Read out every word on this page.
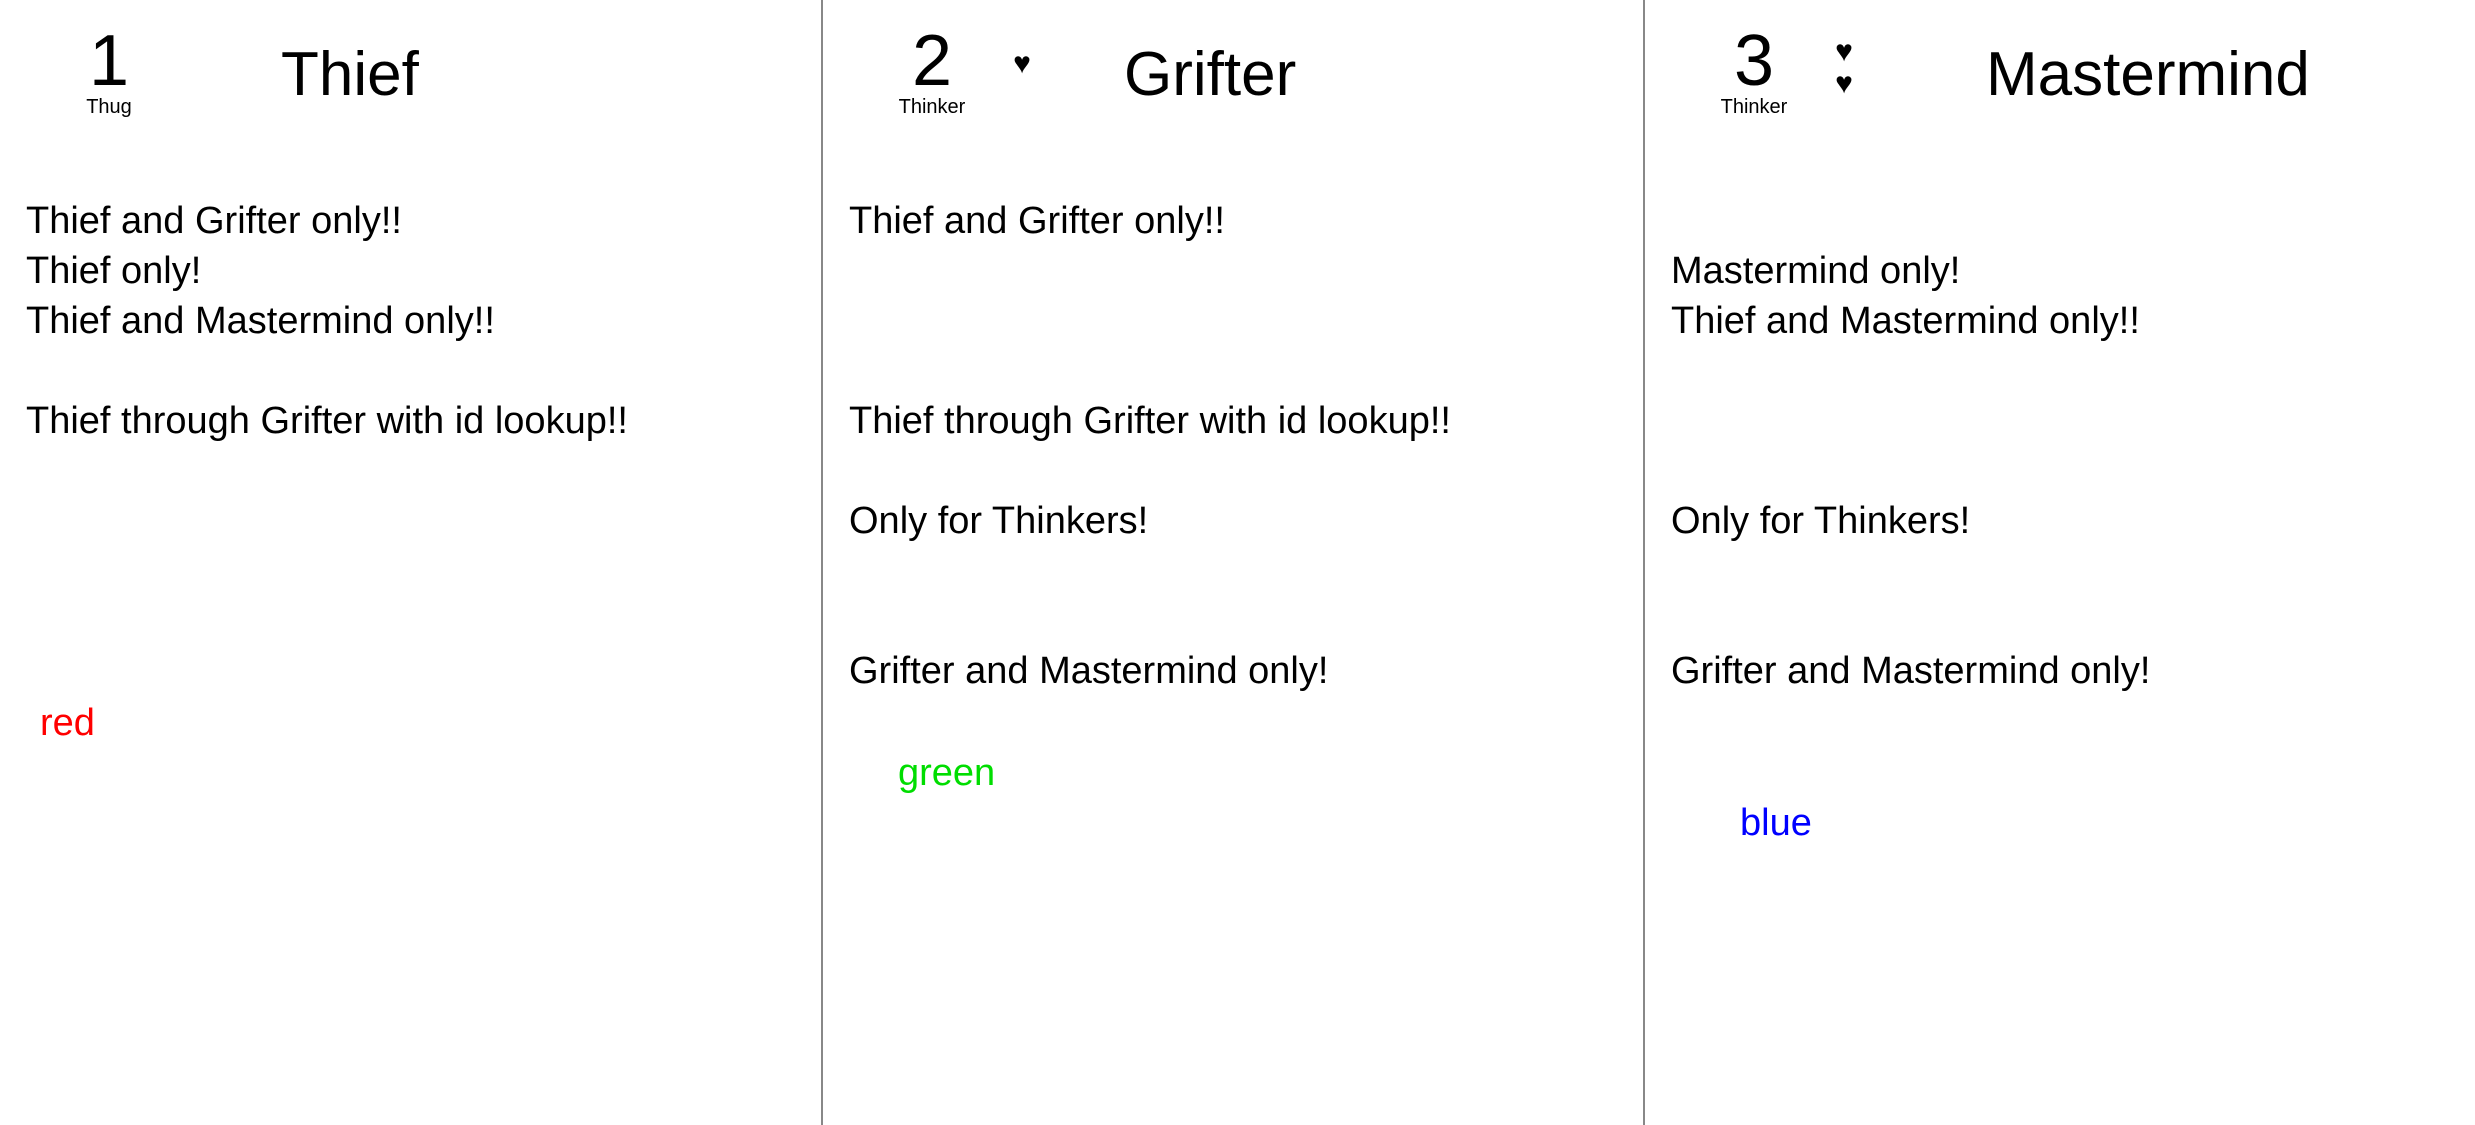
1
Thug	Thief
Thief and Grifter only!!
Thief only!
Thief and Mastermind only!!
Thief through Grifter with id lookup!!
red
2
Thinker
♥ Grifter
Thief and Grifter only!!
Thief through Grifter with id lookup!!
Only for Thinkers!
Grifter and Mastermind only!
green
3
Thinker
♥
♥ Mastermind
Mastermind only!
Thief and Mastermind only!!
Only for Thinkers!
Grifter and Mastermind only!
blue
